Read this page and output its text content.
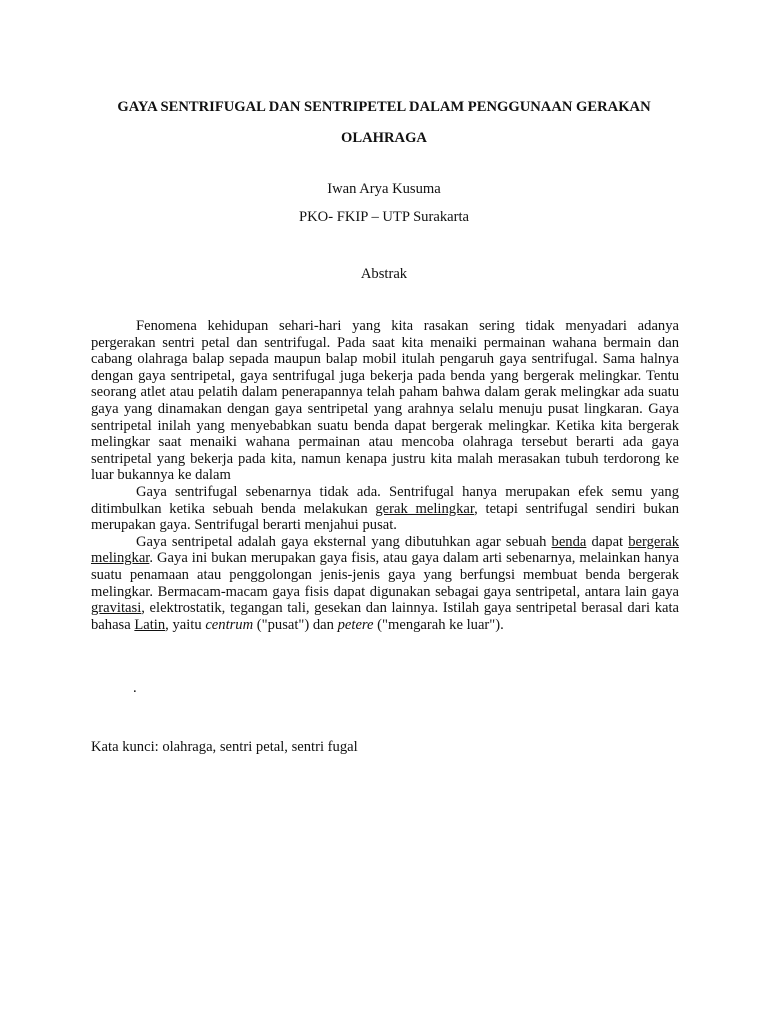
GAYA SENTRIFUGAL DAN SENTRIPETEL DALAM PENGGUNAAN GERAKAN
OLAHRAGA

Iwan Arya Kusuma

PKO- FKIP – UTP Surakarta

Abstrak

Fenomena kehidupan sehari-hari yang kita rasakan sering tidak menyadari adanya pergerakan sentri petal dan sentrifugal. Pada saat kita menaiki permainan wahana bermain dan cabang olahraga balap sepada maupun balap mobil itulah pengaruh gaya sentrifugal. Sama halnya dengan gaya sentripetal, gaya sentrifugal juga bekerja pada benda yang bergerak melingkar. Tentu seorang atlet atau pelatih dalam penerapannya telah paham bahwa dalam gerak melingkar ada suatu gaya yang dinamakan dengan gaya sentripetal yang arahnya selalu menuju pusat lingkaran. Gaya sentripetal inilah yang menyebabkan suatu benda dapat bergerak melingkar. Ketika kita bergerak melingkar saat menaiki wahana permainan atau mencoba olahraga tersebut berarti ada gaya sentripetal yang bekerja pada kita, namun kenapa justru kita malah merasakan tubuh terdorong ke luar bukannya ke dalam

Gaya sentrifugal sebenarnya tidak ada. Sentrifugal hanya merupakan efek semu yang ditimbulkan ketika sebuah benda melakukan gerak melingkar, tetapi sentrifugal sendiri bukan merupakan gaya. Sentrifugal berarti menjahui pusat.

Gaya sentripetal adalah gaya eksternal yang dibutuhkan agar sebuah benda dapat bergerak melingkar. Gaya ini bukan merupakan gaya fisis, atau gaya dalam arti sebenarnya, melainkan hanya suatu penamaan atau penggolongan jenis-jenis gaya yang berfungsi membuat benda bergerak melingkar. Bermacam-macam gaya fisis dapat digunakan sebagai gaya sentripetal, antara lain gaya gravitasi, elektrostatik, tegangan tali, gesekan dan lainnya. Istilah gaya sentripetal berasal dari kata bahasa Latin, yaitu centrum ("pusat") dan petere ("mengarah ke luar").

.

Kata kunci: olahraga, sentri petal, sentri fugal
